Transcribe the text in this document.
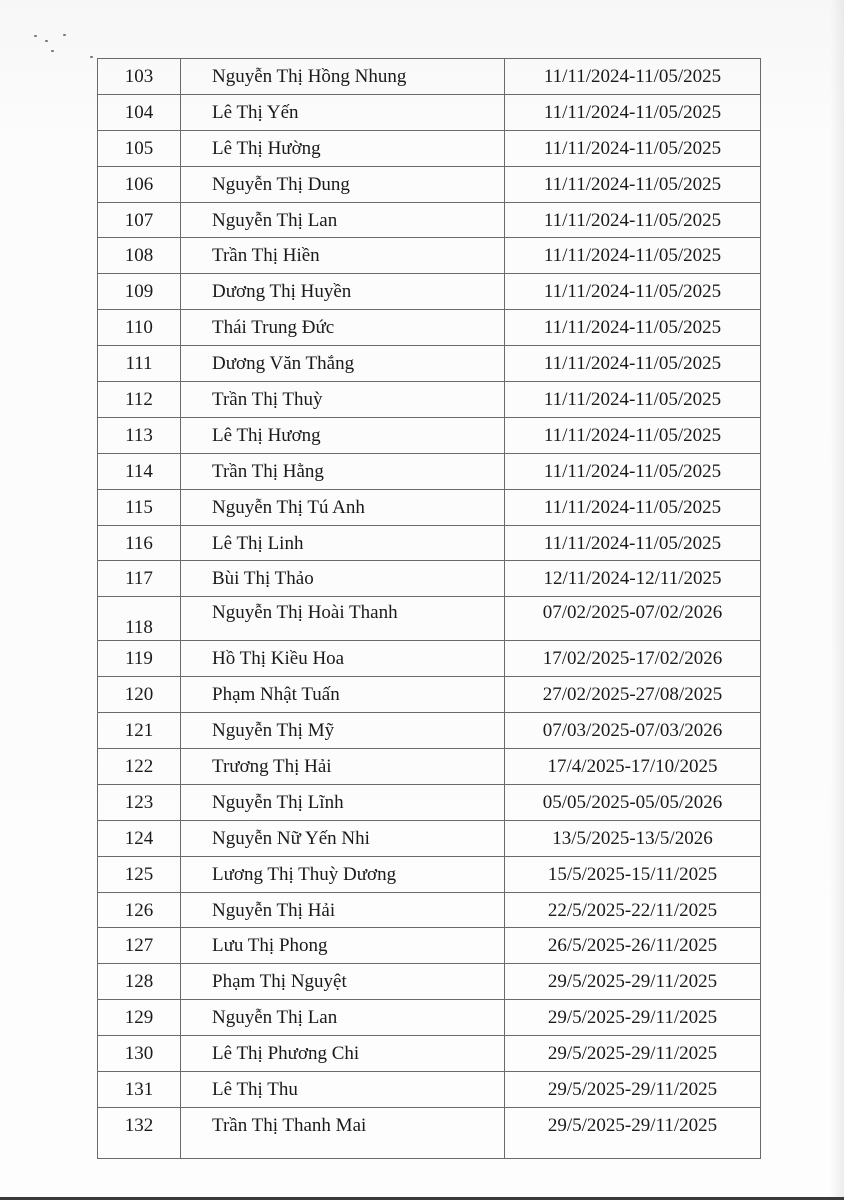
103	Nguyễn Thị Hồng Nhung	11/11/2024-11/05/2025
104	Lê Thị Yến	11/11/2024-11/05/2025
105	Lê Thị Hường	11/11/2024-11/05/2025
106	Nguyễn Thị Dung	11/11/2024-11/05/2025
107	Nguyễn Thị Lan	11/11/2024-11/05/2025
108	Trần Thị Hiền	11/11/2024-11/05/2025
109	Dương Thị Huyền	11/11/2024-11/05/2025
110	Thái Trung Đức	11/11/2024-11/05/2025
111	Dương Văn Thắng	11/11/2024-11/05/2025
112	Trần Thị Thuỳ	11/11/2024-11/05/2025
113	Lê Thị Hương	11/11/2024-11/05/2025
114	Trần Thị Hằng	11/11/2024-11/05/2025
115	Nguyễn Thị Tú Anh	11/11/2024-11/05/2025
116	Lê Thị Linh	11/11/2024-11/05/2025
117	Bùi Thị Thảo	12/11/2024-12/11/2025
118	Nguyễn Thị Hoài Thanh	07/02/2025-07/02/2026
119	Hồ Thị Kiều Hoa	17/02/2025-17/02/2026
120	Phạm Nhật Tuấn	27/02/2025-27/08/2025
121	Nguyễn Thị Mỹ	07/03/2025-07/03/2026
122	Trương Thị Hải	17/4/2025-17/10/2025
123	Nguyễn Thị Lĩnh	05/05/2025-05/05/2026
124	Nguyễn Nữ Yến Nhi	13/5/2025-13/5/2026
125	Lương Thị Thuỳ Dương	15/5/2025-15/11/2025
126	Nguyễn Thị Hải	22/5/2025-22/11/2025
127	Lưu Thị Phong	26/5/2025-26/11/2025
128	Phạm Thị Nguyệt	29/5/2025-29/11/2025
129	Nguyễn Thị Lan	29/5/2025-29/11/2025
130	Lê Thị Phương Chi	29/5/2025-29/11/2025
131	Lê Thị Thu	29/5/2025-29/11/2025
132	Trần Thị Thanh Mai	29/5/2025-29/11/2025
